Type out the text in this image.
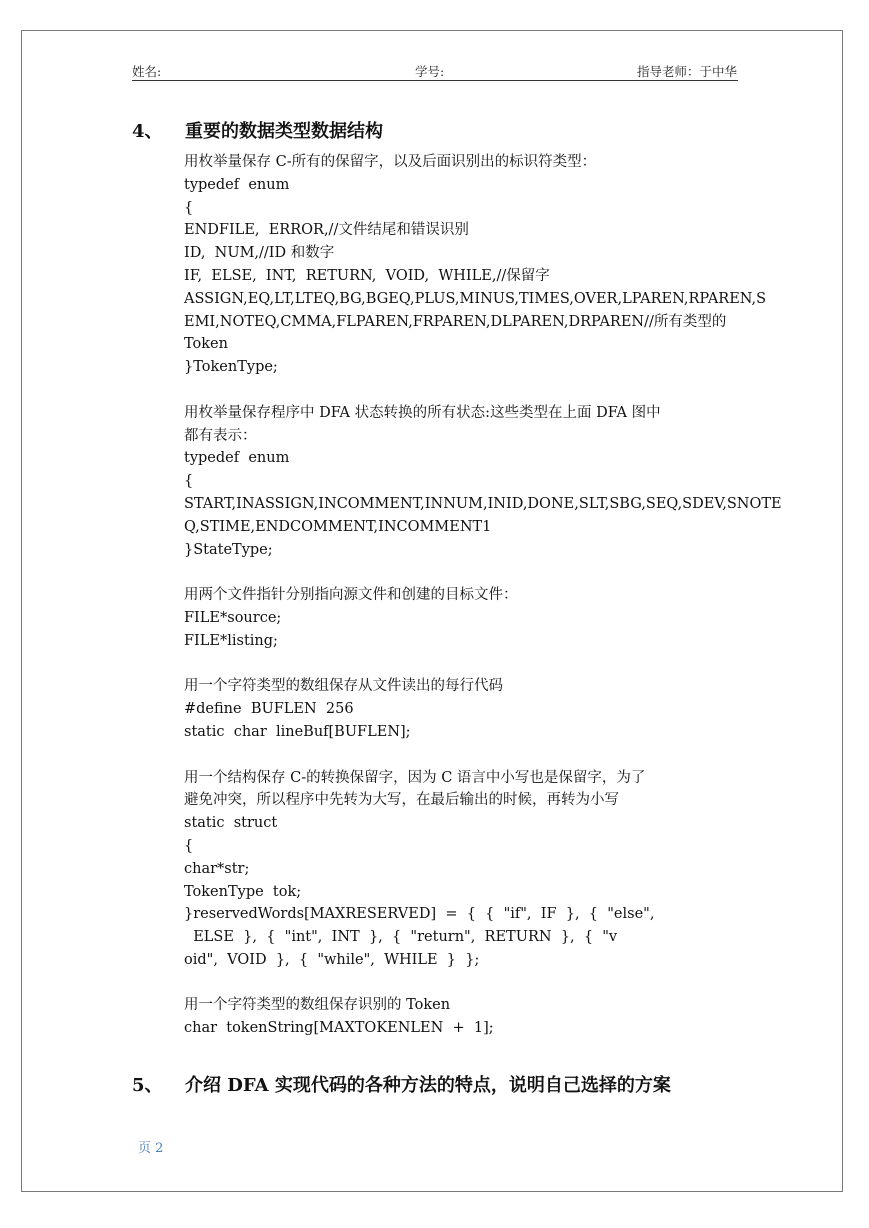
姓名:	学号:	指导老师：于中华
4、 重要的数据类型数据结构
用枚举量保存 C-所有的保留字，以及后面识别出的标识符类型：
typedef  enum
{
ENDFILE,  ERROR,//文件结尾和错误识别
ID,  NUM,//ID 和数字
IF,  ELSE,  INT,  RETURN,  VOID,  WHILE,//保留字
ASSIGN,EQ,LT,LTEQ,BG,BGEQ,PLUS,MINUS,TIMES,OVER,LPAREN,RPAREN,S
EMI,NOTEQ,CMMA,FLPAREN,FRPAREN,DLPAREN,DRPAREN//所有类型的
Token
}TokenType;
用枚举量保存程序中 DFA 状态转换的所有状态:这些类型在上面 DFA 图中
都有表示：
typedef  enum
{
START,INASSIGN,INCOMMENT,INNUM,INID,DONE,SLT,SBG,SEQ,SDEV,SNOTE
Q,STIME,ENDCOMMENT,INCOMMENT1
}StateType;
用两个文件指针分别指向源文件和创建的目标文件：
FILE*source;
FILE*listing;
用一个字符类型的数组保存从文件读出的每行代码
#define  BUFLEN  256
static  char  lineBuf[BUFLEN];
用一个结构保存 C-的转换保留字，因为 C 语言中小写也是保留字，为了
避免冲突，所以程序中先转为大写，在最后输出的时候，再转为小写
static  struct
{
char*str;
TokenType  tok;
}reservedWords[MAXRESERVED]  =  {  {  "if",  IF  },  {  "else",
ELSE  },  {  "int",  INT  },  {  "return",  RETURN  },  {  "v
oid",  VOID  },  {  "while",  WHILE  }  };
用一个字符类型的数组保存识别的 Token
char  tokenString[MAXTOKENLEN  +  1];
5、 介绍 DFA 实现代码的各种方法的特点，说明自己选择的方案
页 2
